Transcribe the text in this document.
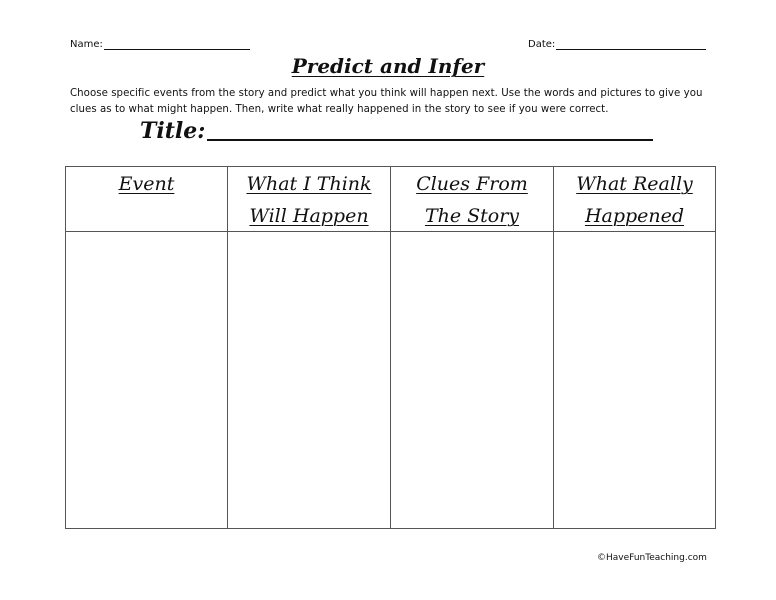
Name:	Date:
Predict and Infer

Choose specific events from the story and predict what you think will happen next. Use the words and pictures to give you clues as to what might happen. Then, write what really happened in the story to see if you were correct.

Title:
Event	What I Think
Will Happen
Clues From
The Story
What Really
Happened
©HaveFunTeaching.com
